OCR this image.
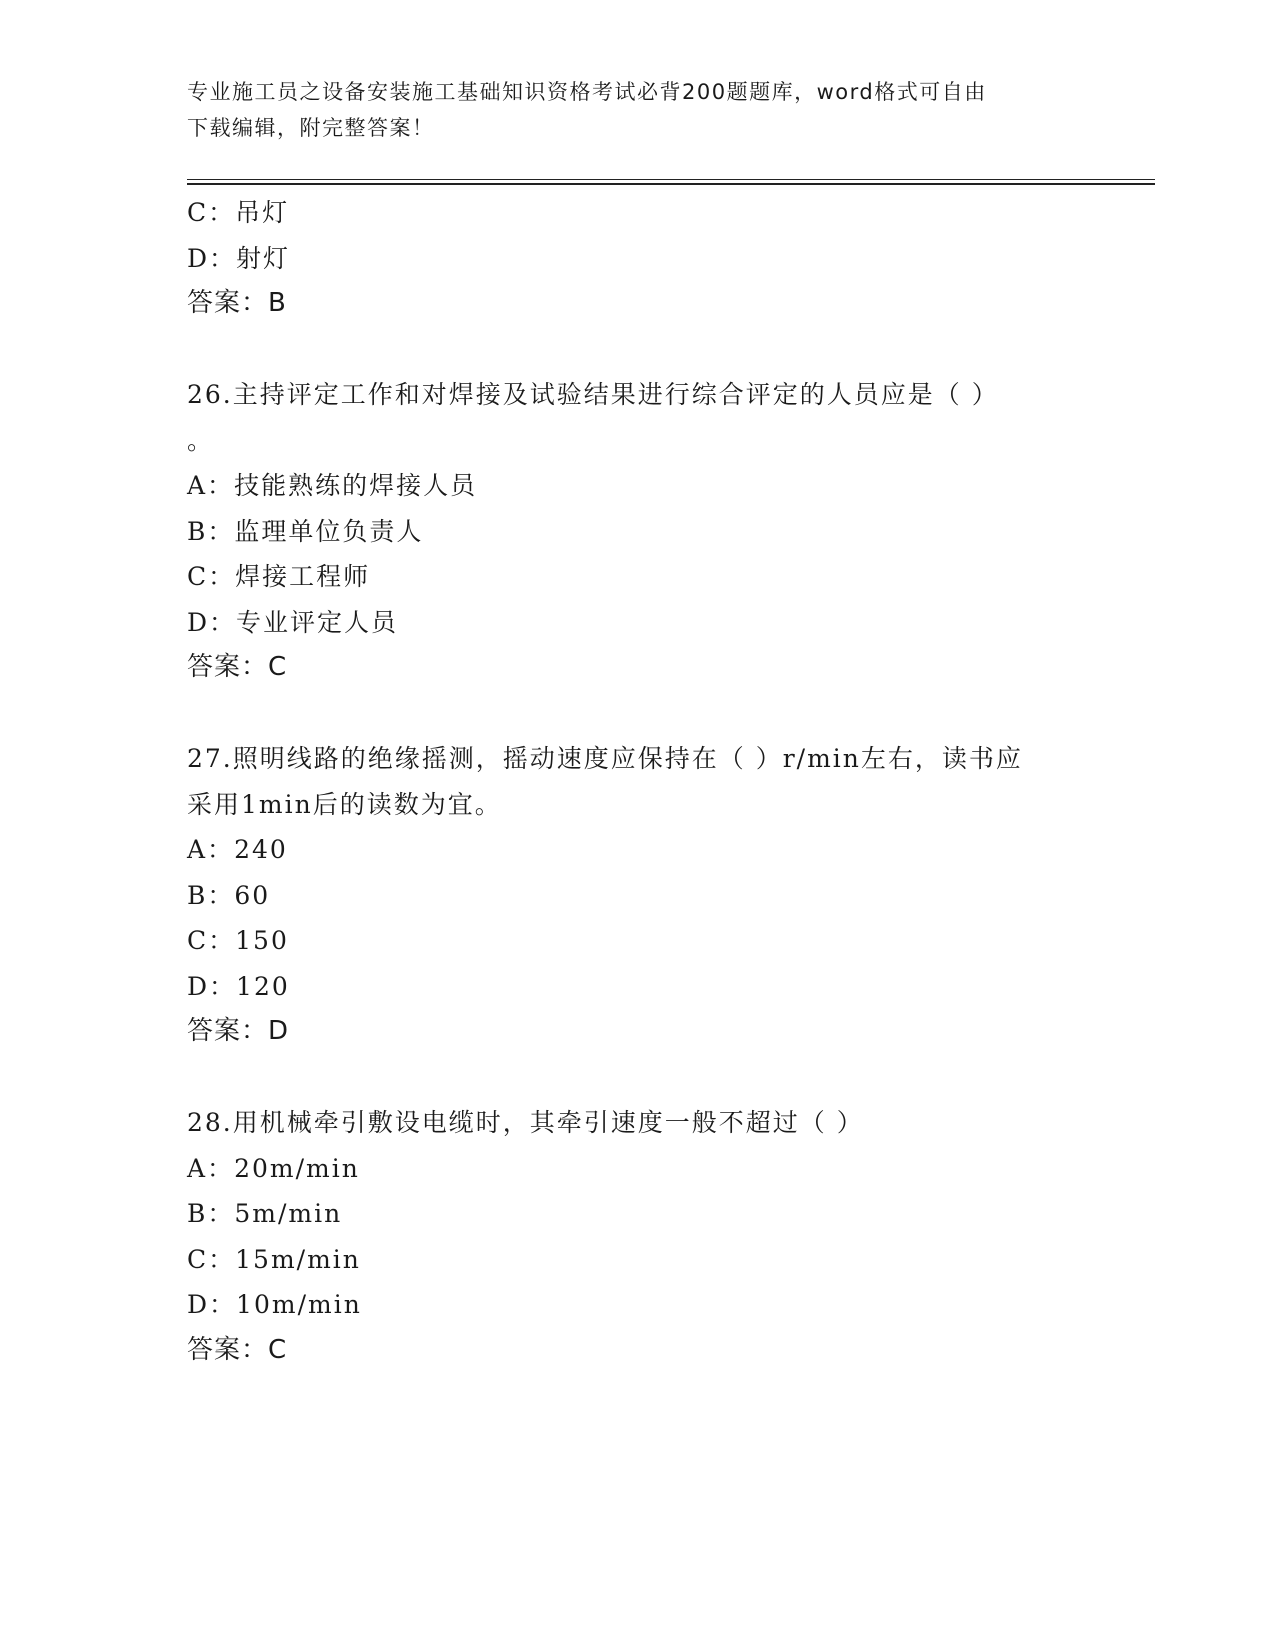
专业施工员之设备安装施工基础知识资格考试必背200题题库，word格式可自由
下载编辑，附完整答案！
C：吊灯
D：射灯
答案：B
26.主持评定工作和对焊接及试验结果进行综合评定的人员应是（ ）
。
A：技能熟练的焊接人员
B：监理单位负责人
C：焊接工程师
D：专业评定人员
答案：C
27.照明线路的绝缘摇测，摇动速度应保持在（ ）r/min左右，读书应
采用1min后的读数为宜。
A：240
B：60
C：150
D：120
答案：D
28.用机械牵引敷设电缆时，其牵引速度一般不超过（ ）
A：20m/min
B：5m/min
C：15m/min
D：10m/min
答案：C
